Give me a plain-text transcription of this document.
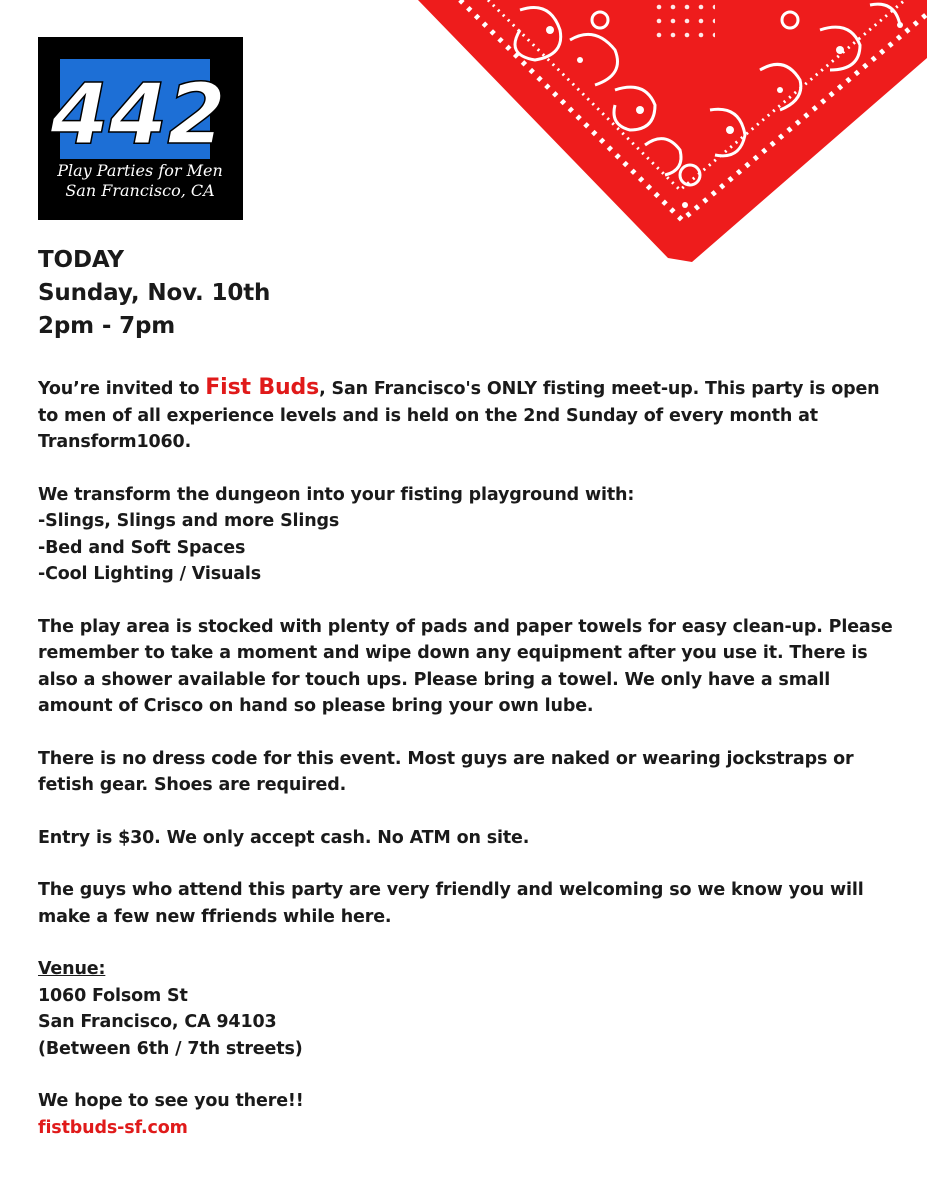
442
Play Parties for Men
San Francisco, CA
TODAY
Sunday, Nov. 10th
2pm - 7pm

You’re invited to Fist Buds, San Francisco's ONLY fisting meet-up. This party is open to men of all experience levels and is held on the 2nd Sunday of every month at Transform1060.

We transform the dungeon into your fisting playground with:
-Slings, Slings and more Slings
-Bed and Soft Spaces
-Cool Lighting / Visuals

The play area is stocked with plenty of pads and paper towels for easy clean-up. Please remember to take a moment and wipe down any equipment after you use it. There is also a shower available for touch ups. Please bring a towel. We only have a small amount of Crisco on hand so please bring your own lube.

There is no dress code for this event. Most guys are naked or wearing jockstraps or fetish gear. Shoes are required.

Entry is $30. We only accept cash. No ATM on site.

The guys who attend this party are very friendly and welcoming so we know you will make a few new ffriends while here.

Venue:
1060 Folsom St
San Francisco, CA 94103
(Between 6th / 7th streets)

We hope to see you there!!
fistbuds-sf.com
